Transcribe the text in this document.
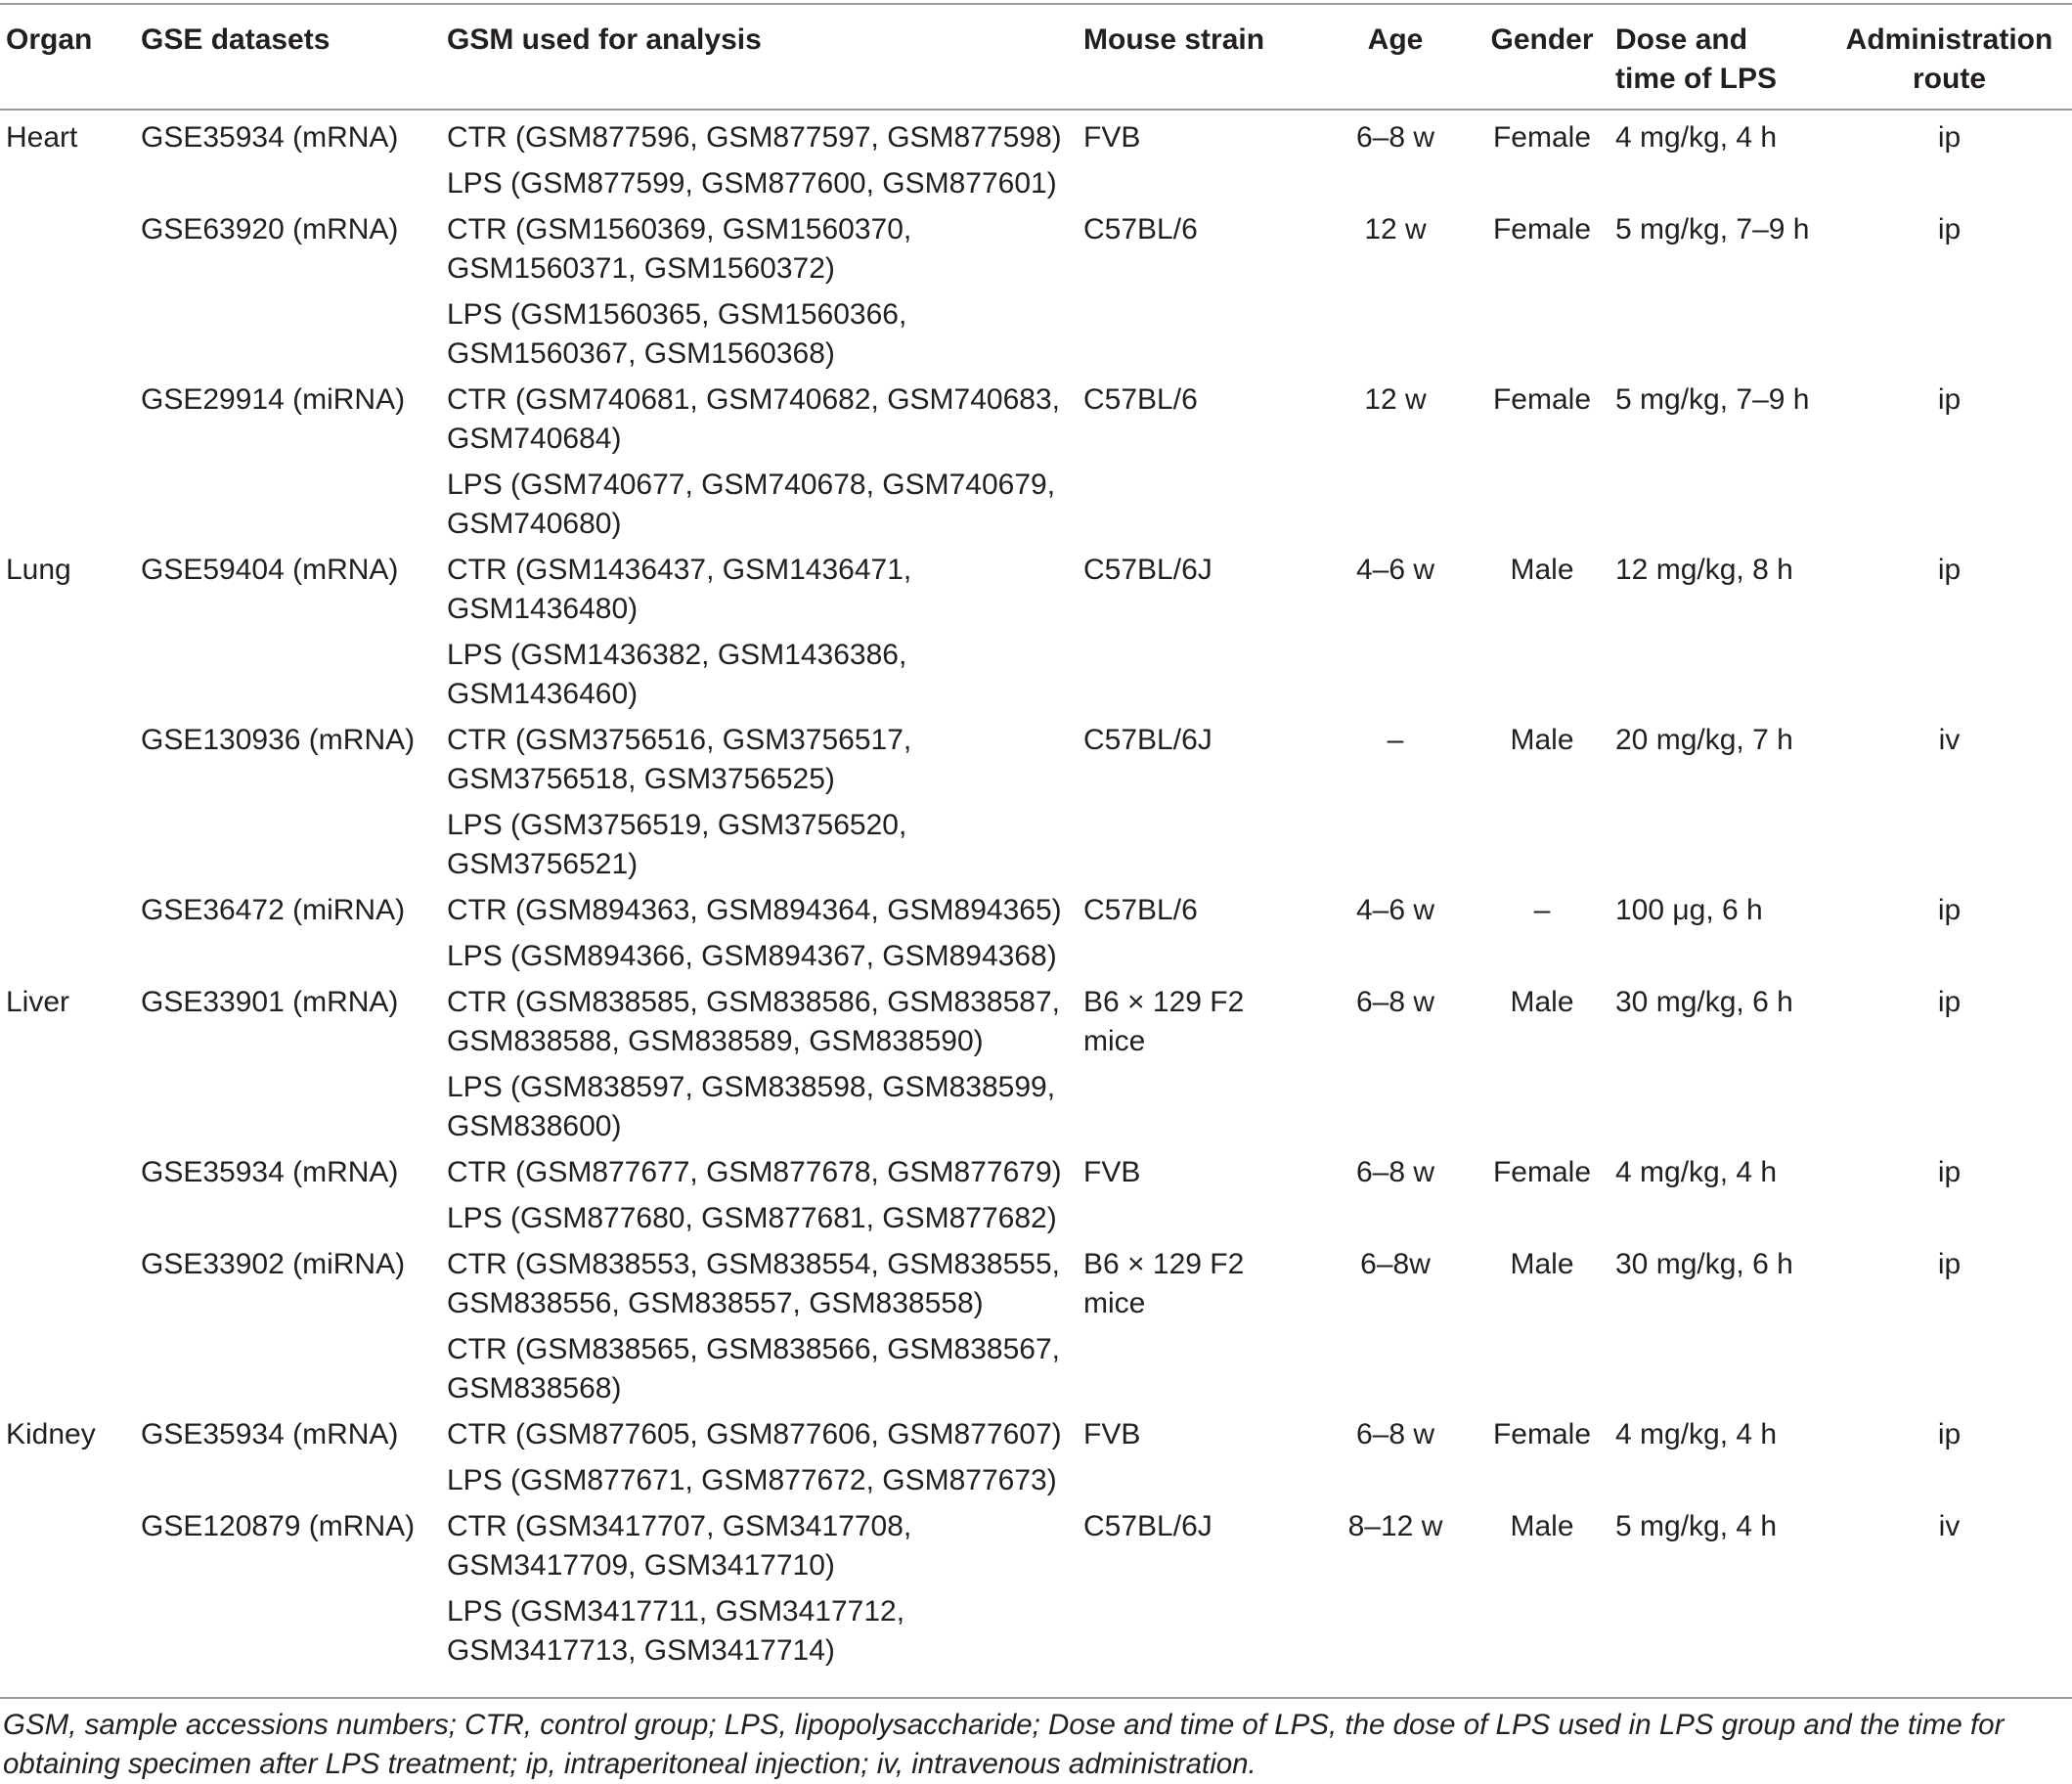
Organ	GSE datasets	GSM used for analysis	Mouse strain	Age	Gender	Dose and
time of LPS	Administration
route

Heart	GSE35934 (mRNA)	CTR (GSM877596, GSM877597, GSM877598)	FVB	6–8 w	Female	4 mg/kg, 4 h	ip

		LPS (GSM877599, GSM877600, GSM877601)					

	GSE63920 (mRNA)	CTR (GSM1560369, GSM1560370,
GSM1560371, GSM1560372)	C57BL/6	12 w	Female	5 mg/kg, 7–9 h	ip

		LPS (GSM1560365, GSM1560366,
GSM1560367, GSM1560368)					

	GSE29914 (miRNA)	CTR (GSM740681, GSM740682, GSM740683,
GSM740684)	C57BL/6	12 w	Female	5 mg/kg, 7–9 h	ip

		LPS (GSM740677, GSM740678, GSM740679,
GSM740680)					

Lung	GSE59404 (mRNA)	CTR (GSM1436437, GSM1436471,
GSM1436480)	C57BL/6J	4–6 w	Male	12 mg/kg, 8 h	ip

		LPS (GSM1436382, GSM1436386,
GSM1436460)					

	GSE130936 (mRNA)	CTR (GSM3756516, GSM3756517,
GSM3756518, GSM3756525)	C57BL/6J	–	Male	20 mg/kg, 7 h	iv

		LPS (GSM3756519, GSM3756520,
GSM3756521)					

	GSE36472 (miRNA)	CTR (GSM894363, GSM894364, GSM894365)	C57BL/6	4–6 w	–	100 μg, 6 h	ip

		LPS (GSM894366, GSM894367, GSM894368)					

Liver	GSE33901 (mRNA)	CTR (GSM838585, GSM838586, GSM838587,
GSM838588, GSM838589, GSM838590)	B6 × 129 F2
mice	6–8 w	Male	30 mg/kg, 6 h	ip

		LPS (GSM838597, GSM838598, GSM838599,
GSM838600)					

	GSE35934 (mRNA)	CTR (GSM877677, GSM877678, GSM877679)	FVB	6–8 w	Female	4 mg/kg, 4 h	ip

		LPS (GSM877680, GSM877681, GSM877682)					

	GSE33902 (miRNA)	CTR (GSM838553, GSM838554, GSM838555,
GSM838556, GSM838557, GSM838558)	B6 × 129 F2
mice	6–8w	Male	30 mg/kg, 6 h	ip

		CTR (GSM838565, GSM838566, GSM838567,
GSM838568)					

Kidney	GSE35934 (mRNA)	CTR (GSM877605, GSM877606, GSM877607)	FVB	6–8 w	Female	4 mg/kg, 4 h	ip

		LPS (GSM877671, GSM877672, GSM877673)					

	GSE120879 (mRNA)	CTR (GSM3417707, GSM3417708,
GSM3417709, GSM3417710)	C57BL/6J	8–12 w	Male	5 mg/kg, 4 h	iv

		LPS (GSM3417711, GSM3417712,
GSM3417713, GSM3417714)					

GSM, sample accessions numbers; CTR, control group; LPS, lipopolysaccharide; Dose and time of LPS, the dose of LPS used in LPS group and the time for obtaining specimen after LPS treatment; ip, intraperitoneal injection; iv, intravenous administration.
